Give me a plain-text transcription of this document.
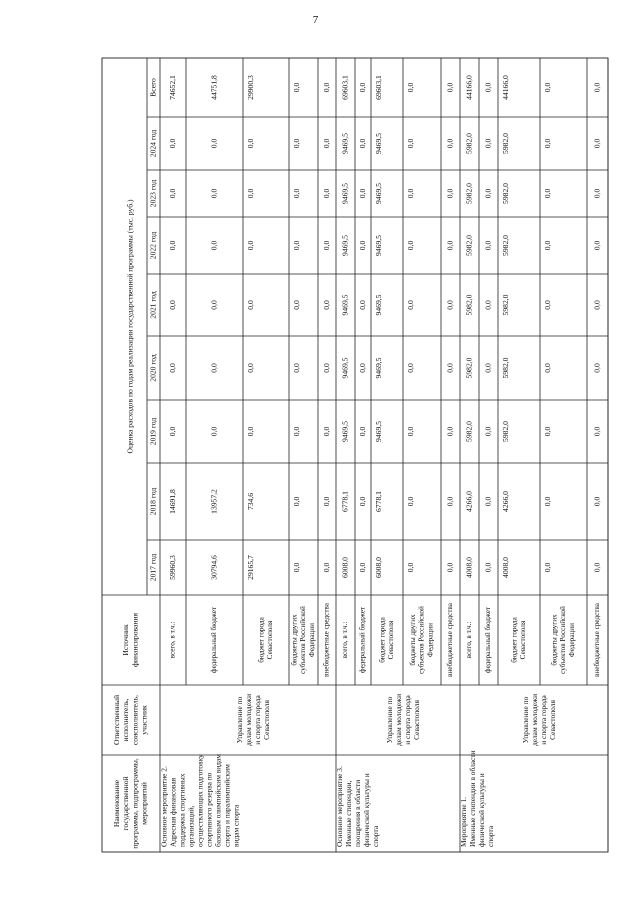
7
Наименование государственной программы, подпрограммы, мероприятий
Ответственный исполнитель, соисполнитель, участник
Источник финансирования
Оценка расходов по годам реализации государственной программы (тыс. руб.)
2017 год
2018 год
2019 год
2020 год
2021 год
2022 год
2023 год
2024 год
Всего
Основное мероприятие 2. Адресная финансовая поддержка спортивных организаций, осуществляющих подготовку спортивного резерва по базовым олимпийским видам спорта и паралимпийским видам спорта
Управление по делам молодежи и спорта города Севастополя
всего, в т.ч.:
59960,3
14691,8
0,0
0,0
0,0
0,0
0,0
0,0
74652,1
федеральный бюджет
30794,6
13957,2
0,0
0,0
0,0
0,0
0,0
0,0
44751,8
бюджет города Севастополя
29165,7
734,6
0,0
0,0
0,0
0,0
0,0
0,0
29900,3
бюджеты других субъектов Российской Федерации
0,0
0,0
0,0
0,0
0,0
0,0
0,0
0,0
0,0
внебюджетные средства
0,0
0,0
0,0
0,0
0,0
0,0
0,0
0,0
0,0
Основное мероприятие 3. Именные стипендии, поощрения в области физической культуры и спорта
Управление по делам молодежи и спорта города Севастополя
всего, в т.ч.:
6008,0
6778,1
9469,5
9469,5
9469,5
9469,5
9469,5
9469,5
69603,1
федеральный бюджет
0,0
0,0
0,0
0,0
0,0
0,0
0,0
0,0
0,0
бюджет города Севастополя
6008,0
6778,1
9469,5
9469,5
9469,5
9469,5
9469,5
9469,5
69603,1
бюджеты других субъектов Российской Федерации
0,0
0,0
0,0
0,0
0,0
0,0
0,0
0,0
0,0
внебюджетные средства
0,0
0,0
0,0
0,0
0,0
0,0
0,0
0,0
0,0
Мероприятие 1. Именные стипендии в области физической культуры и спорта
Управление по делам молодежи и спорта города Севастополя
всего, в т.ч.:
4008,0
4266,0
5982,0
5982,0
5982,0
5982,0
5982,0
5982,0
44166,0
федеральный бюджет
0,0
0,0
0,0
0,0
0,0
0,0
0,0
0,0
0,0
бюджет города Севастополя
4008,0
4266,0
5982,0
5982,0
5982,0
5982,0
5982,0
5982,0
44166,0
бюджеты других субъектов Российской Федерации
0,0
0,0
0,0
0,0
0,0
0,0
0,0
0,0
0,0
внебюджетные средства
0,0
0,0
0,0
0,0
0,0
0,0
0,0
0,0
0,0
